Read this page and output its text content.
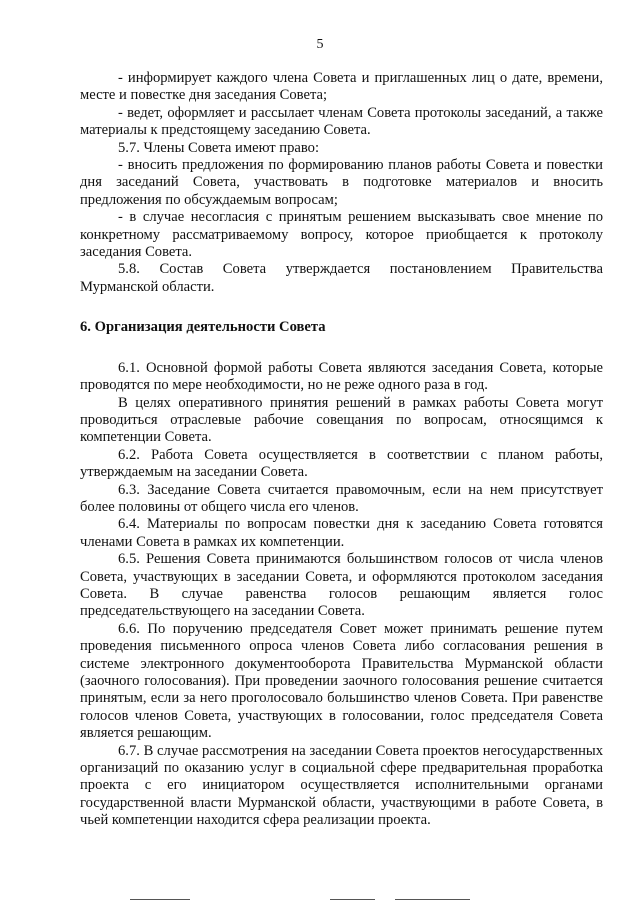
5

- информирует каждого члена Совета и приглашенных лиц о дате, времени, месте и повестке дня заседания Совета;

- ведет, оформляет и рассылает членам Совета протоколы заседаний, а также материалы к предстоящему заседанию Совета.

5.7. Члены Совета имеют право:

- вносить предложения по формированию планов работы Совета и повестки дня заседаний Совета, участвовать в подготовке материалов и вносить предложения по обсуждаемым вопросам;

- в случае несогласия с принятым решением высказывать свое мнение по конкретному рассматриваемому вопросу, которое приобщается к протоколу заседания Совета.

5.8. Состав Совета утверждается постановлением Правительства Мурманской области.

6. Организация деятельности Совета

6.1. Основной формой работы Совета являются заседания Совета, которые проводятся по мере необходимости, но не реже одного раза в год.

В целях оперативного принятия решений в рамках работы Совета могут проводиться отраслевые рабочие совещания по вопросам, относящимся к компетенции Совета.

6.2. Работа Совета осуществляется в соответствии с планом работы, утверждаемым на заседании Совета.

6.3. Заседание Совета считается правомочным, если на нем присутствует более половины от общего числа его членов.

6.4. Материалы по вопросам повестки дня к заседанию Совета готовятся членами Совета в рамках их компетенции.

6.5. Решения Совета принимаются большинством голосов от числа членов Совета, участвующих в заседании Совета, и оформляются протоколом заседания Совета. В случае равенства голосов решающим является голос председательствующего на заседании Совета.

6.6. По поручению председателя Совет может принимать решение путем проведения письменного опроса членов Совета либо согласования решения в системе электронного документооборота Правительства Мурманской области (заочного голосования). При проведении заочного голосования решение считается принятым, если за него проголосовало большинство членов Совета. При равенстве голосов членов Совета, участвующих в голосовании, голос председателя Совета является решающим.

6.7. В случае рассмотрения на заседании Совета проектов негосударственных организаций по оказанию услуг в социальной сфере предварительная проработка проекта с его инициатором осуществляется исполнительными органами государственной власти Мурманской области, участвующими в работе Совета, в чьей компетенции находится сфера реализации проекта.
